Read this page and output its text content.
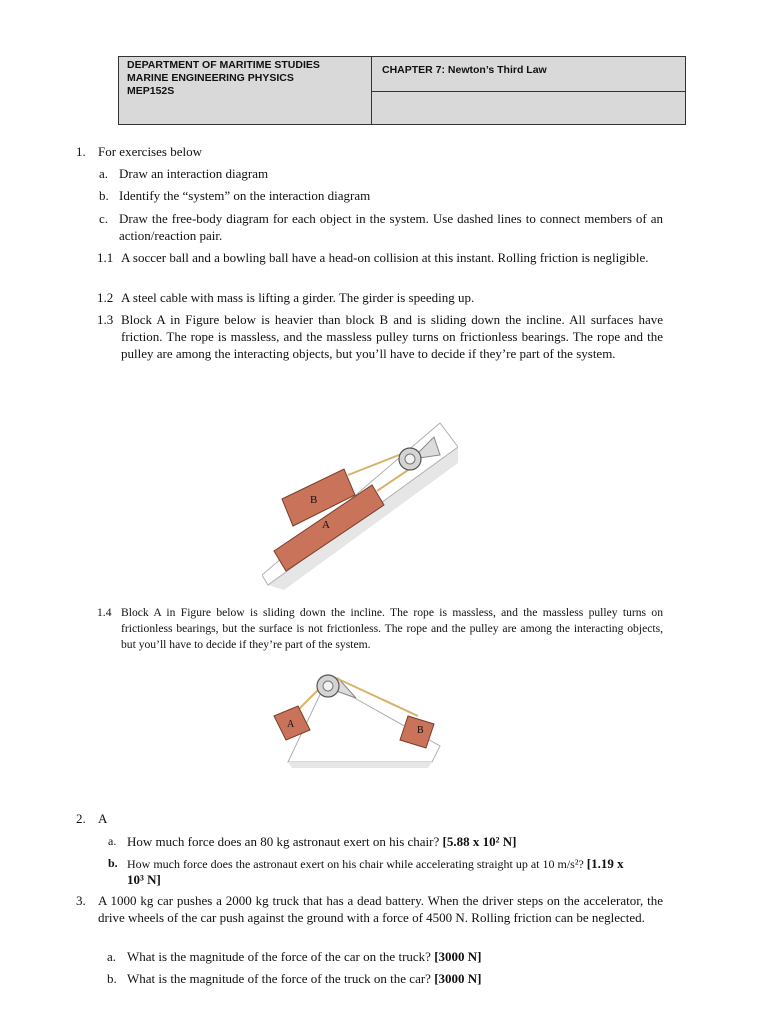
DEPARTMENT OF MARITIME STUDIES
MARINE ENGINEERING PHYSICS
MEP152S
	CHAPTER 7: Newton’s Third Law

1. For exercises below
a. Draw an interaction diagram
b. Identify the “system” on the interaction diagram
c. Draw the free-body diagram for each object in the system. Use dashed lines to connect members of an action/reaction pair.
1.1 A soccer ball and a bowling ball have a head-on collision at this instant. Rolling friction is negligible.
1.2 A steel cable with mass is lifting a girder. The girder is speeding up.
1.3 Block A in Figure below is heavier than block B and is sliding down the incline. All surfaces have friction. The rope is massless, and the massless pulley turns on frictionless bearings. The rope and the pulley are among the interacting objects, but you’ll have to decide if they’re part of the system.
B
A
1.4 Block A in Figure below is sliding down the incline. The rope is massless, and the massless pulley turns on frictionless bearings, but the surface is not frictionless. The rope and the pulley are among the interacting objects, but you’ll have to decide if they’re part of the system.
A
B
2. A
a. How much force does an 80 kg astronaut exert on his chair? [5.88 x 10² N]
b. How much force does the astronaut exert on his chair while accelerating straight up at 10 m/s²? [1.19 x
10³ N]
3. A 1000 kg car pushes a 2000 kg truck that has a dead battery. When the driver steps on the accelerator, the drive wheels of the car push against the ground with a force of 4500 N. Rolling friction can be neglected.
a. What is the magnitude of the force of the car on the truck? [3000 N]
b. What is the magnitude of the force of the truck on the car? [3000 N]
